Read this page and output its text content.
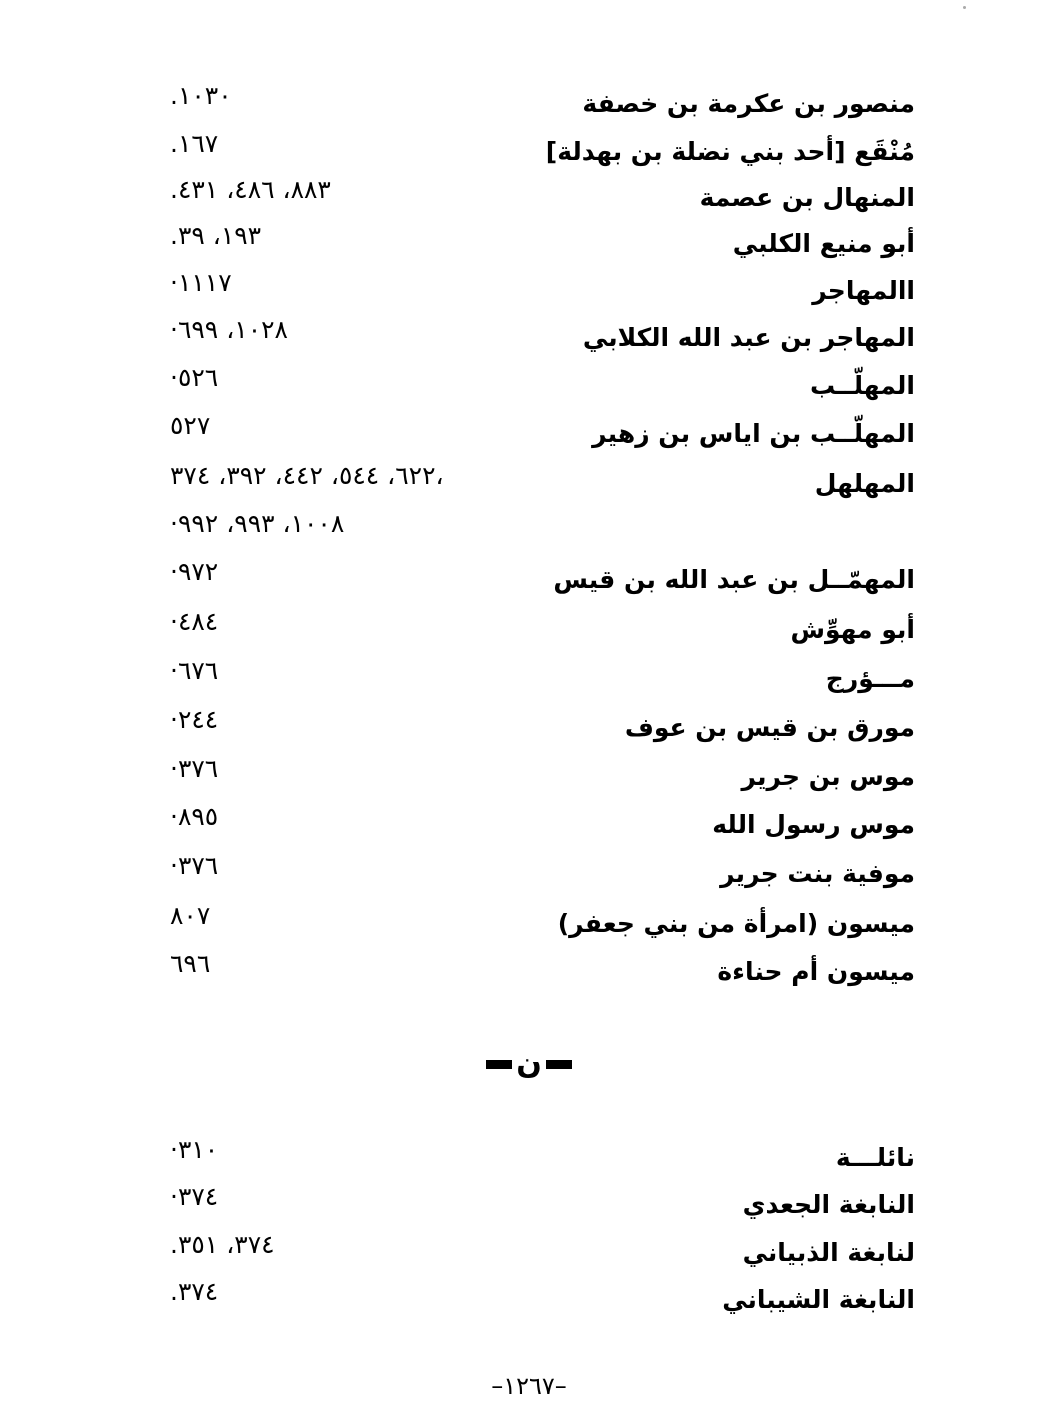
منصور بن عكرمة بن خصفة
.١٠٣٠
مُنْقَع [أحد بني نضلة بن بهدلة]
.١٦٧
المنهال بن عصمة
.٨٨٣، ٤٨٦، ٤٣١
أبو منيع الكلبي
.١٩٣، ٣٩
االمهاجر
·١١١٧
المهاجر بن عبد الله الكلابي
·١٠٢٨، ٦٩٩
المهلّــب
·٥٢٦
المهلّــب بن اياس بن زهير
٥٢٧
المهلهل
٦٢٢، ٥٤٤، ٤٤٢، ٣٩٢، ٣٧٤،
·١٠٠٨، ٩٩٣، ٩٩٢
المهمّــل بن عبد الله بن قيس
·٩٧٢
أبو مهوِّش
·٤٨٤
مـــؤرج
·٦٧٦
مورق بن قيس بن عوف
·٢٤٤
موس بن جرير
·٣٧٦
موس رسول الله
·٨٩٥
موفية بنت جرير
·٣٧٦
ميسون (امرأة من بني جعفر)
٨٠٧
ميسون أم حناءة
٦٩٦
ن
نائلـــة
·٣١٠
النابغة الجعدي
·٣٧٤
لنابغة الذبياني
.٣٧٤، ٣٥١
النابغة الشيباني
.٣٧٤
–١٢٦٧–
